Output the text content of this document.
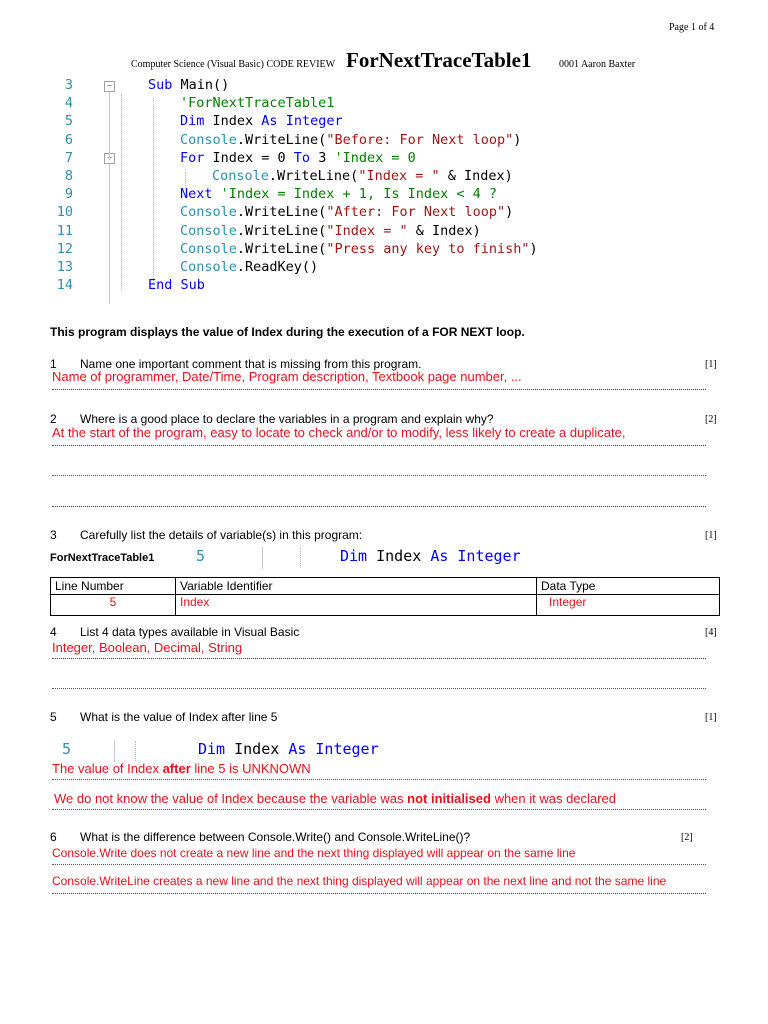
Page 1 of 4
Computer Science (Visual Basic) CODE REVIEW ForNextTraceTable1	0001 Aaron Baxter
−
−
3	Sub Main()
4	'ForNextTraceTable1
5	Dim Index As Integer
6	Console.WriteLine("Before: For Next loop")
7	For Index = 0 To 3 'Index = 0
8	Console.WriteLine("Index = " & Index)
9	Next 'Index = Index + 1, Is Index < 4 ?
10	Console.WriteLine("After: For Next loop")
11	Console.WriteLine("Index = " & Index)
12	Console.WriteLine("Press any key to finish")
13	Console.ReadKey()
14	End Sub
This program displays the value of Index during the execution of a FOR NEXT loop.
1 Name one important comment that is missing from this program.	[1]
Name of programmer, Date/Time, Program description, Textbook page number, ...
2 Where is a good place to declare the variables in a program and explain why?	[2]
At the start of the program, easy to locate to check and/or to modify, less likely to create a duplicate,
3 Carefully list the details of variable(s) in this program:	[1]
ForNextTraceTable1	5	Dim Index As Integer
Line Number	Variable Identifier	Data Type
5	Index	Integer
4 List 4 data types available in Visual Basic	[4]
Integer, Boolean, Decimal, String
5 What is the value of Index after line 5	[1]
5	Dim Index As Integer
The value of Index after line 5 is UNKNOWN
We do not know the value of Index because the variable was not initialised when it was declared
6 What is the difference between Console.Write() and Console.WriteLine()?	[2]
Console.Write does not create a new line and the next thing displayed will appear on the same line
Console.WriteLine creates a new line and the next thing displayed will appear on the next line and not the same line
